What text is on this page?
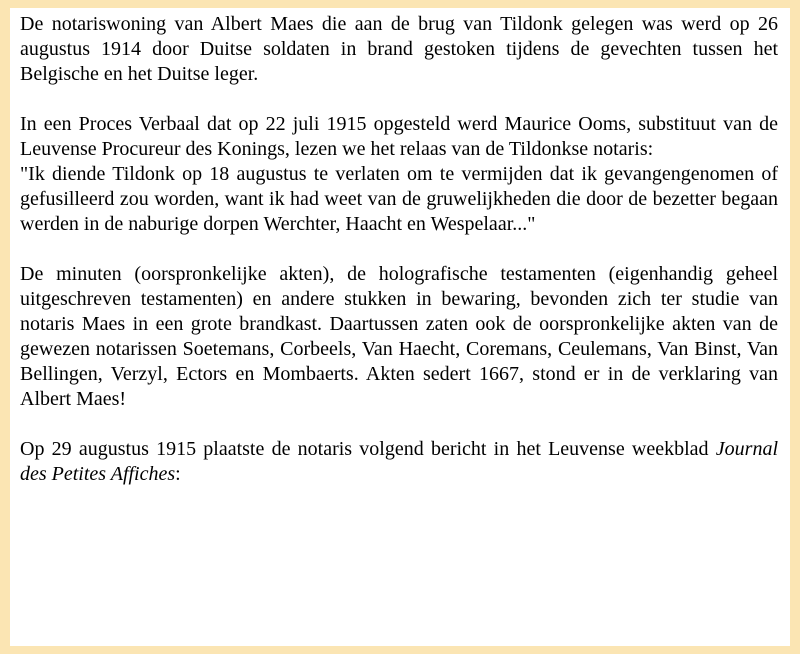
De notariswoning van Albert Maes die aan de brug van Tildonk gelegen was werd op 26 augustus 1914 door Duitse soldaten in brand gestoken tijdens de gevechten tussen het Belgische en het Duitse leger.

In een Proces Verbaal dat op 22 juli 1915 opgesteld werd Maurice Ooms, substituut van de Leuvense Procureur des Konings, lezen we het relaas van de Tildonkse notaris:

"Ik diende Tildonk op 18 augustus te verlaten om te vermijden dat ik gevangengenomen of gefusilleerd zou worden, want ik had weet van de gruwelijkheden die door de bezetter begaan werden in de naburige dorpen Werchter, Haacht en Wespelaar..."

De minuten (oorspronkelijke akten), de holografische testamenten (eigenhandig geheel uitgeschreven testamenten) en andere stukken in bewaring, bevonden zich ter studie van notaris Maes in een grote brandkast. Daartussen zaten ook de oorspronkelijke akten van de gewezen notarissen Soetemans, Corbeels, Van Haecht, Coremans, Ceulemans, Van Binst, Van Bellingen, Verzyl, Ectors en Mombaerts. Akten sedert 1667, stond er in de verklaring van Albert Maes!

Op 29 augustus 1915 plaatste de notaris volgend bericht in het Leuvense weekblad Journal des Petites Affiches:
